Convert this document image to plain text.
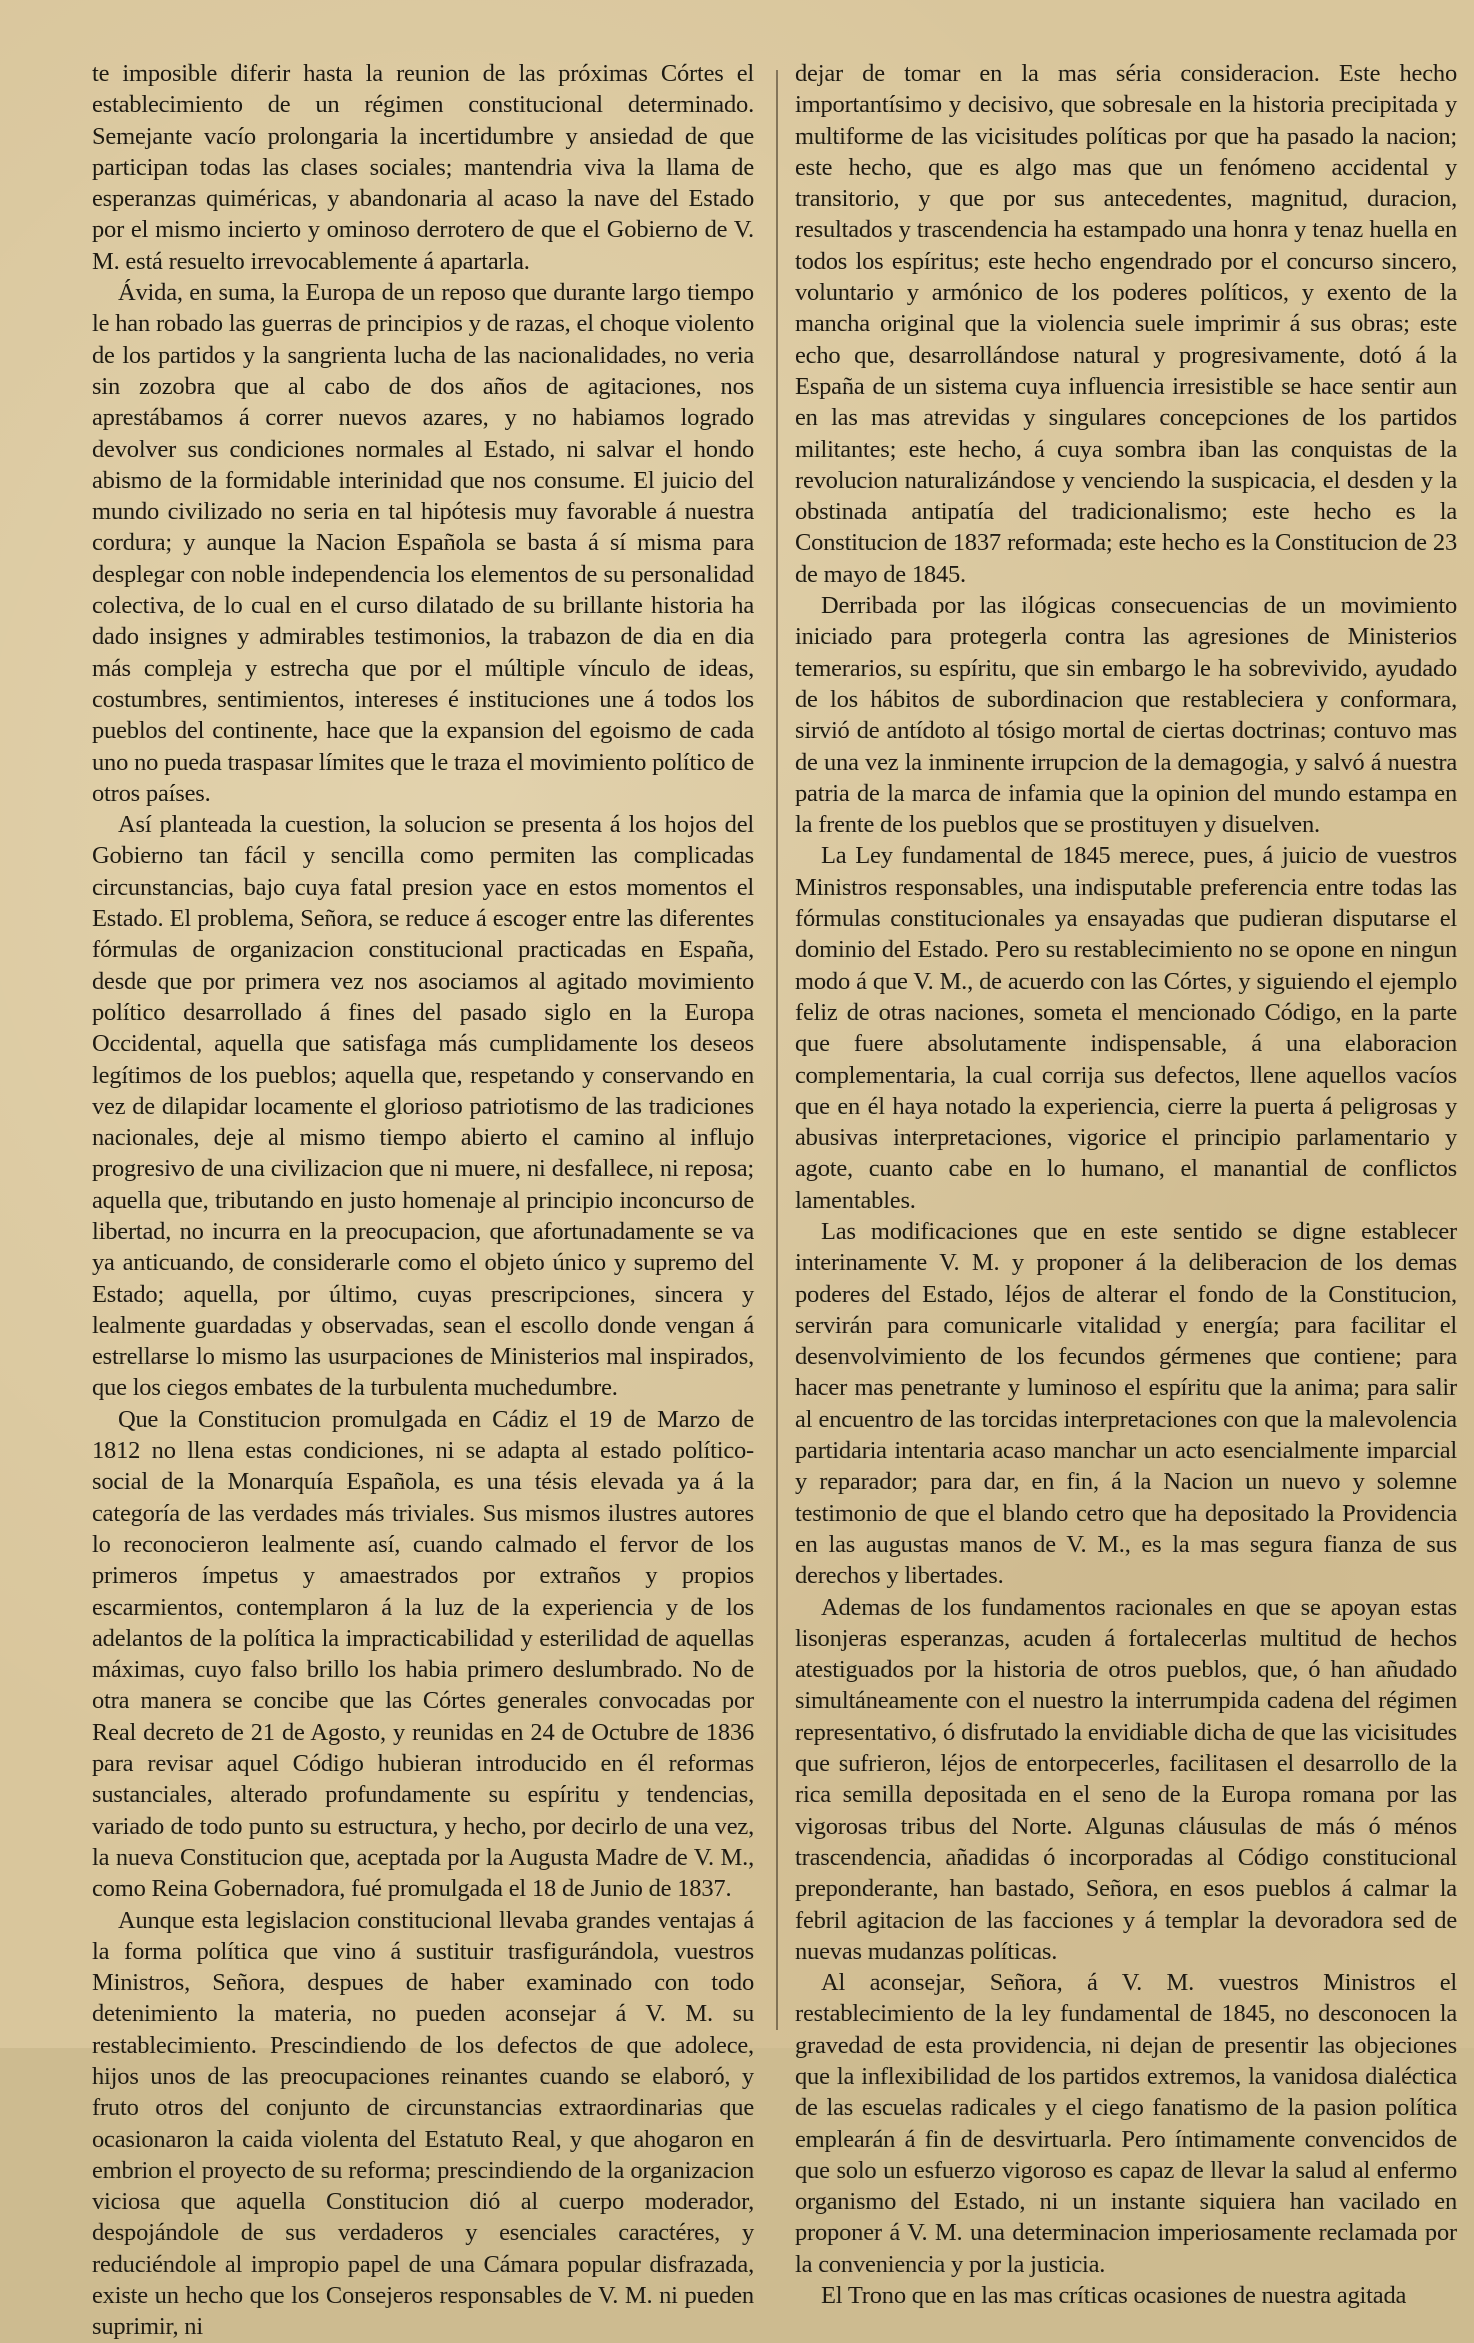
te imposible diferir hasta la reunion de las próximas Córtes el establecimiento de un régimen constitucional determinado. Semejante vacío prolongaria la incertidumbre y ansiedad de que participan todas las clases sociales; mantendria viva la llama de esperanzas quiméricas, y abandonaria al acaso la nave del Estado por el mismo incierto y ominoso derrotero de que el Gobierno de V. M. está resuelto irrevocablemente á apartarla.

Ávida, en suma, la Europa de un reposo que durante largo tiempo le han robado las guerras de principios y de razas, el choque violento de los partidos y la sangrienta lucha de las nacionalidades, no veria sin zozobra que al cabo de dos años de agitaciones, nos aprestábamos á correr nuevos azares, y no habiamos logrado devolver sus condiciones normales al Estado, ni salvar el hondo abismo de la formidable interinidad que nos consume. El juicio del mundo civilizado no seria en tal hipótesis muy favorable á nuestra cordura; y aunque la Nacion Española se basta á sí misma para desplegar con noble independencia los elementos de su personalidad colectiva, de lo cual en el curso dilatado de su brillante historia ha dado insignes y admirables testimonios, la trabazon de dia en dia más compleja y estrecha que por el múltiple vínculo de ideas, costumbres, sentimientos, intereses é instituciones une á todos los pueblos del continente, hace que la expansion del egoismo de cada uno no pueda traspasar límites que le traza el movimiento político de otros países.

Así planteada la cuestion, la solucion se presenta á los hojos del Gobierno tan fácil y sencilla como permiten las complicadas circunstancias, bajo cuya fatal presion yace en estos momentos el Estado. El problema, Señora, se reduce á escoger entre las diferentes fórmulas de organizacion constitucional practicadas en España, desde que por primera vez nos asociamos al agitado movimiento político desarrollado á fines del pasado siglo en la Europa Occidental, aquella que satisfaga más cumplidamente los deseos legítimos de los pueblos; aquella que, respetando y conservando en vez de dilapidar locamente el glorioso patriotismo de las tradiciones nacionales, deje al mismo tiempo abierto el camino al influjo progresivo de una civilizacion que ni muere, ni desfallece, ni reposa; aquella que, tributando en justo homenaje al principio inconcurso de libertad, no incurra en la preocupacion, que afortunadamente se va ya anticuando, de considerarle como el objeto único y supremo del Estado; aquella, por último, cuyas prescripciones, sincera y lealmente guardadas y observadas, sean el escollo donde vengan á estrellarse lo mismo las usurpaciones de Ministerios mal inspirados, que los ciegos embates de la turbulenta muchedumbre.

Que la Constitucion promulgada en Cádiz el 19 de Marzo de 1812 no llena estas condiciones, ni se adapta al estado político-social de la Monarquía Española, es una tésis elevada ya á la categoría de las verdades más triviales. Sus mismos ilustres autores lo reconocieron lealmente así, cuando calmado el fervor de los primeros ímpetus y amaestrados por extraños y propios escarmientos, contemplaron á la luz de la experiencia y de los adelantos de la política la impracticabilidad y esterilidad de aquellas máximas, cuyo falso brillo los habia primero deslumbrado. No de otra manera se concibe que las Córtes generales convocadas por Real decreto de 21 de Agosto, y reunidas en 24 de Octubre de 1836 para revisar aquel Código hubieran introducido en él reformas sustanciales, alterado profundamente su espíritu y tendencias, variado de todo punto su estructura, y hecho, por decirlo de una vez, la nueva Constitucion que, aceptada por la Augusta Madre de V. M., como Reina Gobernadora, fué promulgada el 18 de Junio de 1837.

Aunque esta legislacion constitucional llevaba grandes ventajas á la forma política que vino á sustituir trasfigurándola, vuestros Ministros, Señora, despues de haber examinado con todo detenimiento la materia, no pueden aconsejar á V. M. su restablecimiento. Prescindiendo de los defectos de que adolece, hijos unos de las preocupaciones reinantes cuando se elaboró, y fruto otros del conjunto de circunstancias extraordinarias que ocasionaron la caida violenta del Estatuto Real, y que ahogaron en embrion el proyecto de su reforma; prescindiendo de la organizacion viciosa que aquella Constitucion dió al cuerpo moderador, despojándole de sus verdaderos y esenciales caractéres, y reduciéndole al impropio papel de una Cámara popular disfrazada, existe un hecho que los Consejeros responsables de V. M. ni pueden suprimir, ni

dejar de tomar en la mas séria consideracion. Este hecho importantísimo y decisivo, que sobresale en la historia precipitada y multiforme de las vicisitudes políticas por que ha pasado la nacion; este hecho, que es algo mas que un fenómeno accidental y transitorio, y que por sus antecedentes, magnitud, duracion, resultados y trascendencia ha estampado una honra y tenaz huella en todos los espíritus; este hecho engendrado por el concurso sincero, voluntario y armónico de los poderes políticos, y exento de la mancha original que la violencia suele imprimir á sus obras; este echo que, desarrollándose natural y progresivamente, dotó á la España de un sistema cuya influencia irresistible se hace sentir aun en las mas atrevidas y singulares concepciones de los partidos militantes; este hecho, á cuya sombra iban las conquistas de la revolucion naturalizándose y venciendo la suspicacia, el desden y la obstinada antipatía del tradicionalismo; este hecho es la Constitucion de 1837 reformada; este hecho es la Constitucion de 23 de mayo de 1845.

Derribada por las ilógicas consecuencias de un movimiento iniciado para protegerla contra las agresiones de Ministerios temerarios, su espíritu, que sin embargo le ha sobrevivido, ayudado de los hábitos de subordinacion que restableciera y conformara, sirvió de antídoto al tósigo mortal de ciertas doctrinas; contuvo mas de una vez la inminente irrupcion de la demagogia, y salvó á nuestra patria de la marca de infamia que la opinion del mundo estampa en la frente de los pueblos que se prostituyen y disuelven.

La Ley fundamental de 1845 merece, pues, á juicio de vuestros Ministros responsables, una indisputable preferencia entre todas las fórmulas constitucionales ya ensayadas que pudieran disputarse el dominio del Estado. Pero su restablecimiento no se opone en ningun modo á que V. M., de acuerdo con las Córtes, y siguiendo el ejemplo feliz de otras naciones, someta el mencionado Código, en la parte que fuere absolutamente indispensable, á una elaboracion complementaria, la cual corrija sus defectos, llene aquellos vacíos que en él haya notado la experiencia, cierre la puerta á peligrosas y abusivas interpretaciones, vigorice el principio parlamentario y agote, cuanto cabe en lo humano, el manantial de conflictos lamentables.

Las modificaciones que en este sentido se digne establecer interinamente V. M. y proponer á la deliberacion de los demas poderes del Estado, léjos de alterar el fondo de la Constitucion, servirán para comunicarle vitalidad y energía; para facilitar el desenvolvimiento de los fecundos gérmenes que contiene; para hacer mas penetrante y luminoso el espíritu que la anima; para salir al encuentro de las torcidas interpretaciones con que la malevolencia partidaria intentaria acaso manchar un acto esencialmente imparcial y reparador; para dar, en fin, á la Nacion un nuevo y solemne testimonio de que el blando cetro que ha depositado la Providencia en las augustas manos de V. M., es la mas segura fianza de sus derechos y libertades.

Ademas de los fundamentos racionales en que se apoyan estas lisonjeras esperanzas, acuden á fortalecerlas multitud de hechos atestiguados por la historia de otros pueblos, que, ó han añudado simultáneamente con el nuestro la interrumpida cadena del régimen representativo, ó disfrutado la envidiable dicha de que las vicisitudes que sufrieron, léjos de entorpecerles, facilitasen el desarrollo de la rica semilla depositada en el seno de la Europa romana por las vigorosas tribus del Norte. Algunas cláusulas de más ó ménos trascendencia, añadidas ó incorporadas al Código constitucional preponderante, han bastado, Señora, en esos pueblos á calmar la febril agitacion de las facciones y á templar la devoradora sed de nuevas mudanzas políticas.

Al aconsejar, Señora, á V. M. vuestros Ministros el restablecimiento de la ley fundamental de 1845, no desconocen la gravedad de esta providencia, ni dejan de presentir las objeciones que la inflexibilidad de los partidos extremos, la vanidosa dialéctica de las escuelas radicales y el ciego fanatismo de la pasion política emplearán á fin de desvirtuarla. Pero íntimamente convencidos de que solo un esfuerzo vigoroso es capaz de llevar la salud al enfermo organismo del Estado, ni un instante siquiera han vacilado en proponer á V. M. una determinacion imperiosamente reclamada por la conveniencia y por la justicia.

El Trono que en las mas críticas ocasiones de nuestra agitada
